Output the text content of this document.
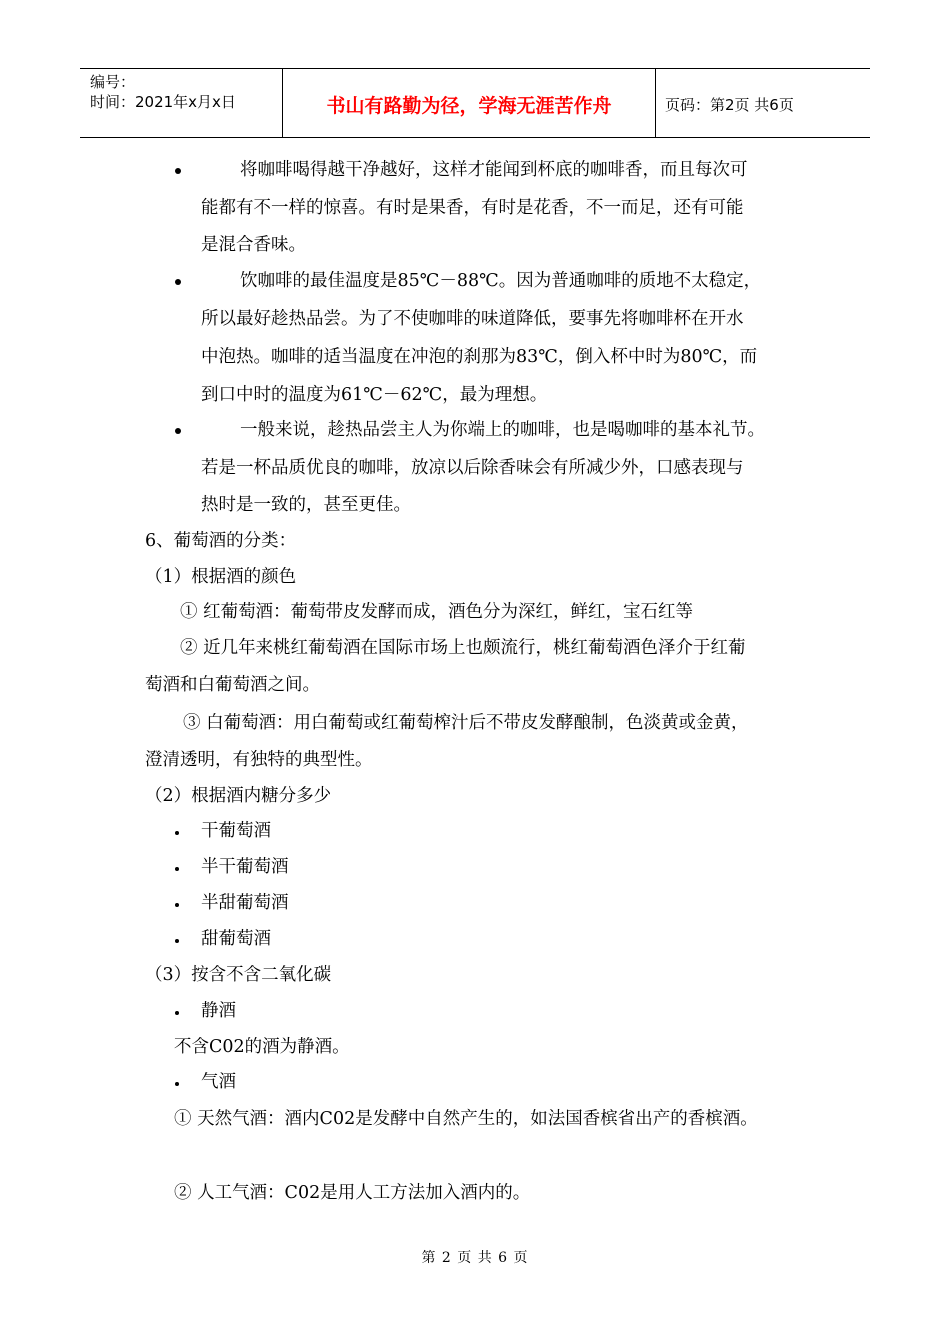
编号：
时间：2021年x月x日	书山有路勤为径，学海无涯苦作舟	页码：第2页 共6页
将咖啡喝得越干净越好，这样才能闻到杯底的咖啡香，而且每次可
能都有不一样的惊喜。有时是果香，有时是花香，不一而足，还有可能
是混合香味。
饮咖啡的最佳温度是85℃－88℃。因为普通咖啡的质地不太稳定，
所以最好趁热品尝。为了不使咖啡的味道降低，要事先将咖啡杯在开水
中泡热。咖啡的适当温度在冲泡的刹那为83℃，倒入杯中时为80℃，而
到口中时的温度为61℃－62℃，最为理想。
一般来说，趁热品尝主人为你端上的咖啡，也是喝咖啡的基本礼节。
若是一杯品质优良的咖啡，放凉以后除香味会有所减少外，口感表现与
热时是一致的，甚至更佳。
6、葡萄酒的分类：
（1）根据酒的颜色
① 红葡萄酒：葡萄带皮发酵而成，酒色分为深红，鲜红，宝石红等
② 近几年来桃红葡萄酒在国际市场上也颇流行，桃红葡萄酒色泽介于红葡
萄酒和白葡萄酒之间。
③ 白葡萄酒：用白葡萄或红葡萄榨汁后不带皮发酵酿制，色淡黄或金黄，
澄清透明，有独特的典型性。
（2）根据酒内糖分多少
干葡萄酒
半干葡萄酒
半甜葡萄酒
甜葡萄酒
（3）按含不含二氧化碳
静酒
不含C02的酒为静酒。
气酒
① 天然气酒：酒内C02是发酵中自然产生的，如法国香槟省出产的香槟酒。
② 人工气酒：C02是用人工方法加入酒内的。
第 2 页 共 6 页
